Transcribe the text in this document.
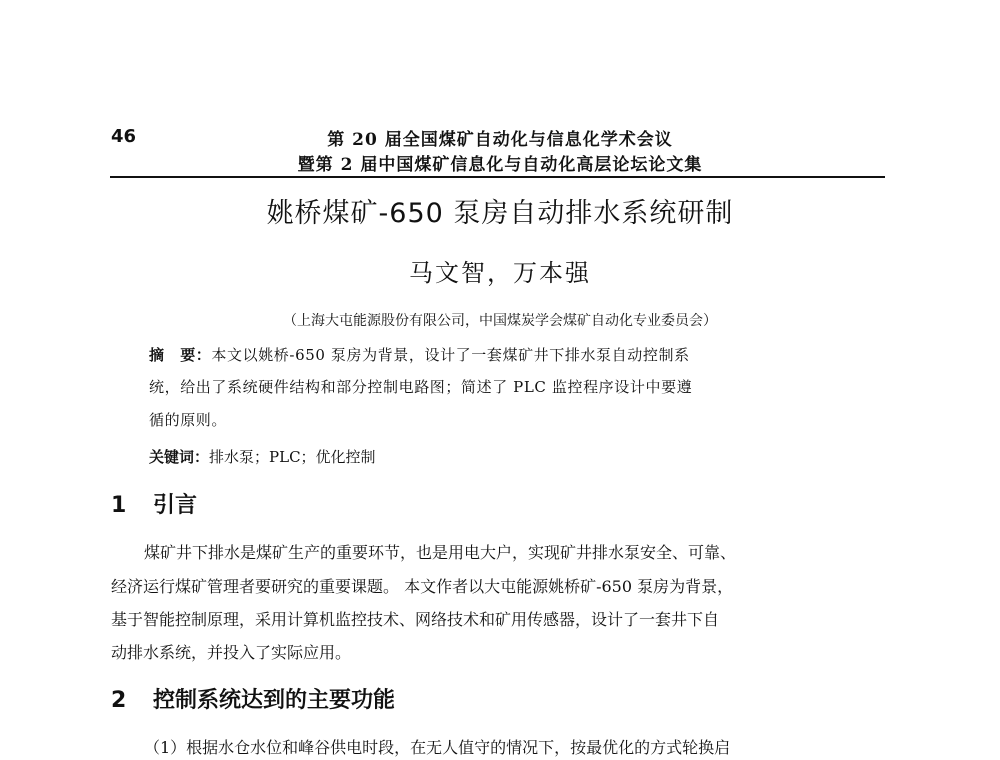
46	第 20 届全国煤矿自动化与信息化学术会议
暨第 2 届中国煤矿信息化与自动化高层论坛论文集
姚桥煤矿-650 泵房自动排水系统研制
马文智，万本强
（上海大屯能源股份有限公司，中国煤炭学会煤矿自动化专业委员会）
摘　要：本文以姚桥-650 泵房为背景，设计了一套煤矿井下排水泵自动控制系
统，给出了系统硬件结构和部分控制电路图；简述了 PLC 监控程序设计中要遵
循的原则。
关键词：排水泵；PLC；优化控制
1 引言
煤矿井下排水是煤矿生产的重要环节，也是用电大户，实现矿井排水泵安全、可靠、
经济运行煤矿管理者要研究的重要课题。 本文作者以大屯能源姚桥矿-650 泵房为背景，
基于智能控制原理，采用计算机监控技术、网络技术和矿用传感器，设计了一套井下自
动排水系统，并投入了实际应用。
2 控制系统达到的主要功能
（1）根据水仓水位和峰谷供电时段，在无人值守的情况下，按最优化的方式轮换启
